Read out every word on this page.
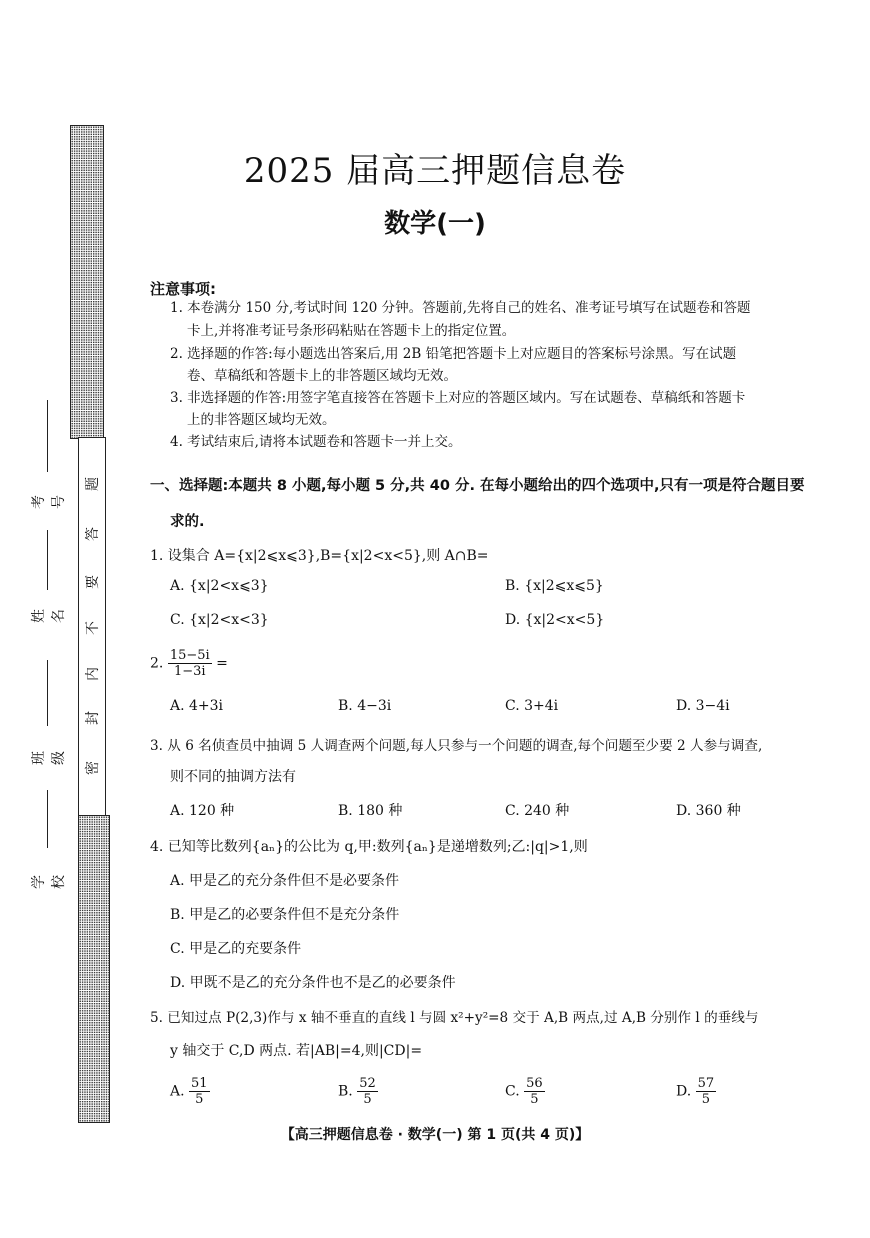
题
答
要
不
内
封
密
考号
姓名
班级
学校
2025 届高三押题信息卷
数学(一)
注意事项:
1. 本卷满分 150 分,考试时间 120 分钟。答题前,先将自己的姓名、准考证号填写在试题卷和答题
卡上,并将准考证号条形码粘贴在答题卡上的指定位置。
2. 选择题的作答:每小题选出答案后,用 2B 铅笔把答题卡上对应题目的答案标号涂黑。写在试题
卷、草稿纸和答题卡上的非答题区域均无效。
3. 非选择题的作答:用签字笔直接答在答题卡上对应的答题区域内。写在试题卷、草稿纸和答题卡
上的非答题区域均无效。
4. 考试结束后,请将本试题卷和答题卡一并上交。
一、选择题:本题共 8 小题,每小题 5 分,共 40 分. 在每小题给出的四个选项中,只有一项是符合题目要
求的.
1. 设集合 A={x|2⩽x⩽3},B={x|2<x<5},则 A∩B=
A. {x|2<x⩽3}	B. {x|2⩽x⩽5}
C. {x|2<x<3}	D. {x|2<x<5}
2. $\frac{15-5i}{1-3i}$ =
A. 4+3i	B. 4−3i	C. 3+4i	D. 3−4i
3. 从 6 名侦查员中抽调 5 人调查两个问题,每人只参与一个问题的调查,每个问题至少要 2 人参与调查,
则不同的抽调方法有
A. 120 种	B. 180 种	C. 240 种	D. 360 种
4. 已知等比数列{aₙ}的公比为 q,甲:数列{aₙ}是递增数列;乙:|q|>1,则
A. 甲是乙的充分条件但不是必要条件
B. 甲是乙的必要条件但不是充分条件
C. 甲是乙的充要条件
D. 甲既不是乙的充分条件也不是乙的必要条件
5. 已知过点 P(2,3)作与 x 轴不垂直的直线 l 与圆 x²+y²=8 交于 A,B 两点,过 A,B 分别作 l 的垂线与
y 轴交于 C,D 两点. 若|AB|=4,则|CD|=
A. $\frac{51}{5}$	B. $\frac{52}{5}$	C. $\frac{56}{5}$	D. $\frac{57}{5}$
【高三押题信息卷 · 数学(一) 第 1 页(共 4 页)】
